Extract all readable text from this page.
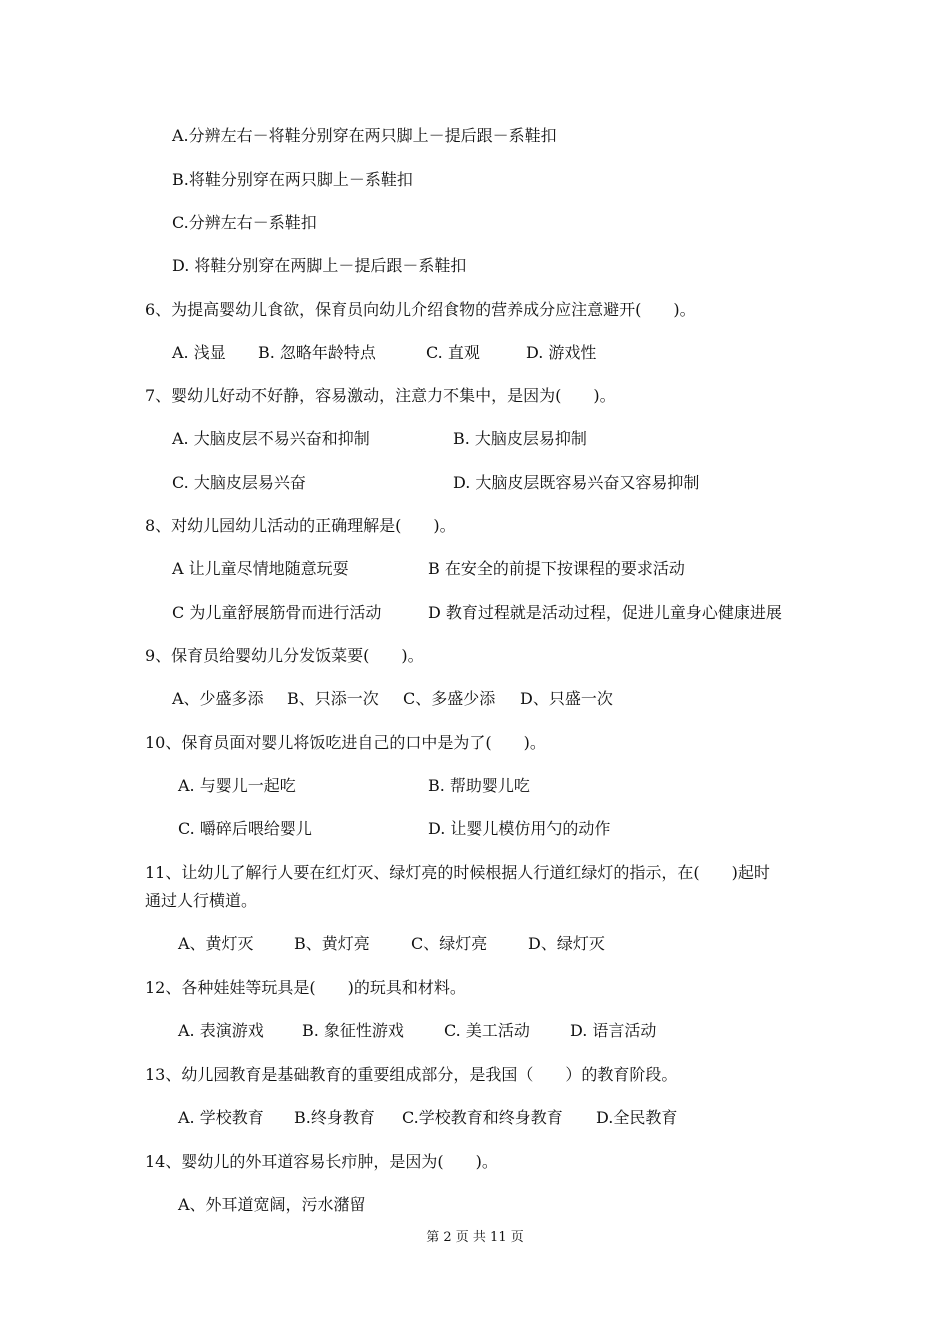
A.分辨左右－将鞋分别穿在两只脚上－提后跟－系鞋扣
B.将鞋分别穿在两只脚上－系鞋扣
C.分辨左右－系鞋扣
D. 将鞋分别穿在两脚上－提后跟－系鞋扣
6、为提高婴幼儿食欲，保育员向幼儿介绍食物的营养成分应注意避开(　　)。
A. 浅显 B. 忽略年龄特点	C. 直观	D. 游戏性
7、婴幼儿好动不好静，容易激动，注意力不集中，是因为(　　)。
A. 大脑皮层不易兴奋和抑制	B. 大脑皮层易抑制
C. 大脑皮层易兴奋	D. 大脑皮层既容易兴奋又容易抑制
8、对幼儿园幼儿活动的正确理解是(　　)。
A 让儿童尽情地随意玩耍	B 在安全的前提下按课程的要求活动
C 为儿童舒展筋骨而进行活动	D 教育过程就是活动过程，促进儿童身心健康进展
9、保育员给婴幼儿分发饭菜要(　　)。
A、少盛多添 B、只添一次 C、多盛少添 D、只盛一次
10、保育员面对婴儿将饭吃进自己的口中是为了(　　)。
A. 与婴儿一起吃	B. 帮助婴儿吃
C. 嚼碎后喂给婴儿	D. 让婴儿模仿用勺的动作
11、让幼儿了解行人要在红灯灭、绿灯亮的时候根据人行道红绿灯的指示，在(　　)起时
通过人行横道。
A、黄灯灭	B、黄灯亮	C、绿灯亮	D、绿灯灭
12、各种娃娃等玩具是(　　)的玩具和材料。
A. 表演游戏 B. 象征性游戏	C. 美工活动	D. 语言活动
13、幼儿园教育是基础教育的重要组成部分，是我国（　　）的教育阶段。
A. 学校教育 B.终身教育 C.学校教育和终身教育 D.全民教育
14、婴幼儿的外耳道容易长疖肿，是因为(　　)。
A、外耳道宽阔，污水潴留
第 2 页 共 11 页
